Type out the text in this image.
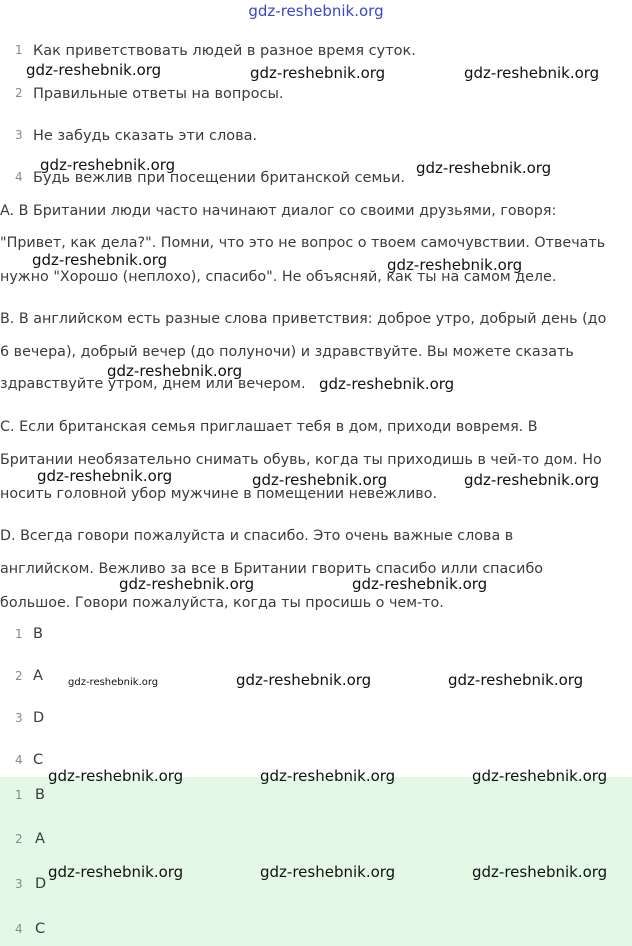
gdz-reshebnik.org
1 Как приветствовать людей в разное время суток.
2 Правильные ответы на вопросы.
3 Не забудь сказать эти слова.
4 Будь вежлив при посещении британской семьи.
A. В Британии люди часто начинают диалог со своими друзьями, говоря:
"Привет, как дела?". Помни, что это не вопрос о твоем самочувствии. Отвечать
нужно "Хорошо (неплохо), спасибо". Не объясняй, как ты на самом деле.
B. В английском есть разные слова приветствия: доброе утро, добрый день (до
6 вечера), добрый вечер (до полуночи) и здравствуйте. Вы можете сказать
здравствуйте утром, днем или вечером.
C. Если британская семья приглашает тебя в дом, приходи вовремя. В
Британии необязательно снимать обувь, когда ты приходишь в чей-то дом. Но
носить головной убор мужчине в помещении невежливо.
D. Всегда говори пожалуйста и спасибо. Это очень важные слова в
английском. Вежливо за все в Британии гворить спасибо илли спасибо
большое. Говори пожалуйста, когда ты просишь о чем-то.
1 B
2 A
3 D
4 C
1 B
2 A
3 D
4 C
gdz-reshebnik.org	gdz-reshebnik.org	gdz-reshebnik.org
gdz-reshebnik.org	gdz-reshebnik.org
gdz-reshebnik.org	gdz-reshebnik.org
gdz-reshebnik.org
gdz-reshebnik.org
gdz-reshebnik.org	gdz-reshebnik.org	gdz-reshebnik.org
gdz-reshebnik.org	gdz-reshebnik.org
gdz-reshebnik.org	gdz-reshebnik.org	gdz-reshebnik.org
gdz-reshebnik.org	gdz-reshebnik.org	gdz-reshebnik.org
gdz-reshebnik.org	gdz-reshebnik.org	gdz-reshebnik.org
